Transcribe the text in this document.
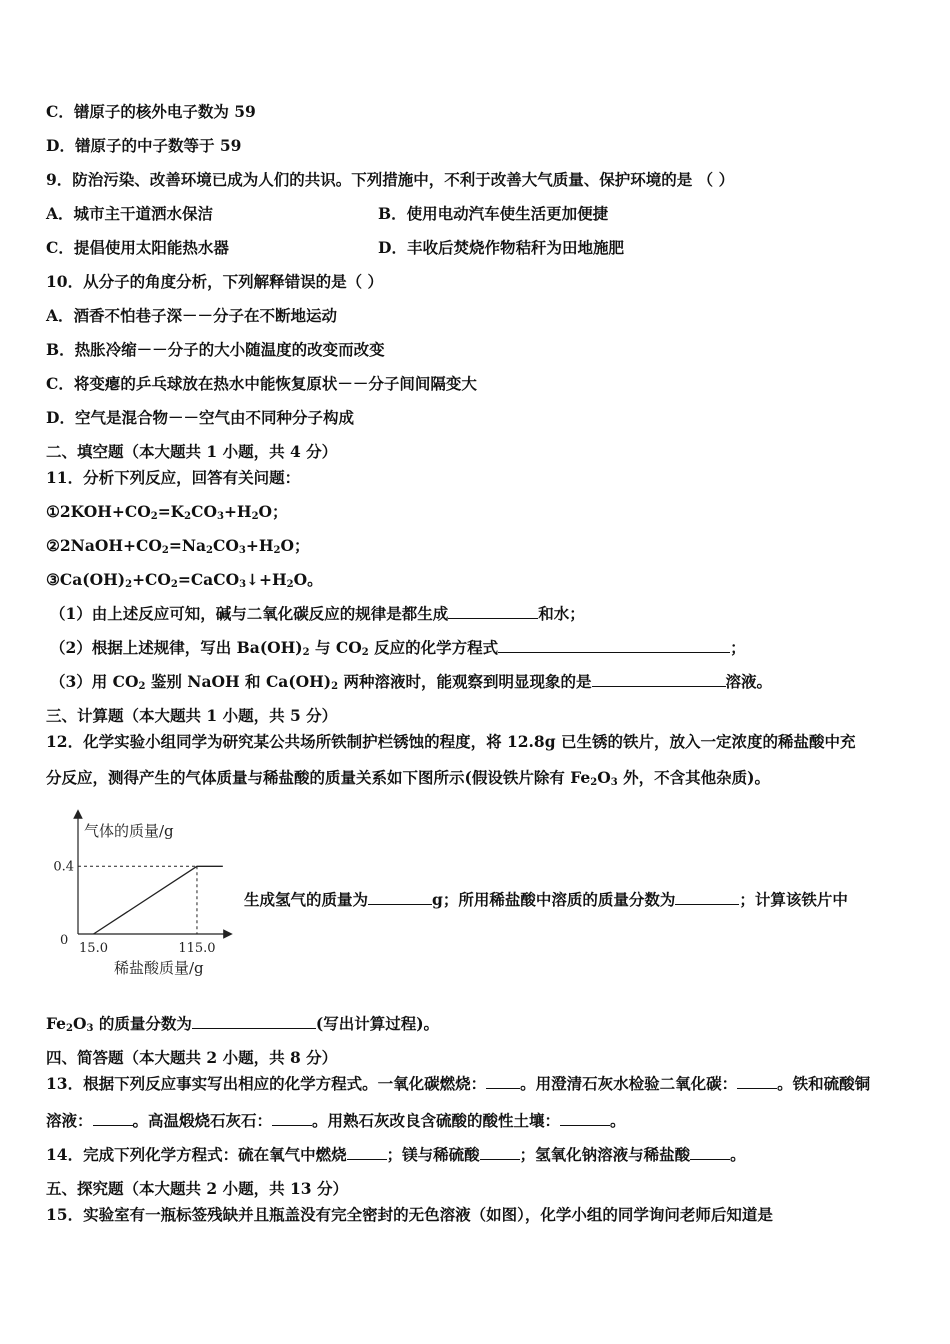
C．镨原子的核外电子数为 59
D．镨原子的中子数等于 59
9．防治污染、改善环境已成为人们的共识。下列措施中，不利于改善大气质量、保护环境的是 （ ）
A．城市主干道洒水保洁	B．使用电动汽车使生活更加便捷
C．提倡使用太阳能热水器	D．丰收后焚烧作物秸秆为田地施肥
10．从分子的角度分析，下列解释错误的是（ ）
A．酒香不怕巷子深－－分子在不断地运动
B．热胀冷缩－－分子的大小随温度的改变而改变
C．将变瘪的乒乓球放在热水中能恢复原状－－分子间间隔变大
D．空气是混合物－－空气由不同种分子构成
二、填空题（本大题共 1 小题，共 4 分）
11．分析下列反应，回答有关问题：
$①2KOH+CO_2=K_2CO_3+H_2O$；
$②2NaOH+CO_2=Na_2CO_3+H_2O$；
$③Ca(OH)_2+CO_2=CaCO_3↓+H_2O$。
（1）由上述反应可知，碱与二氧化碳反应的规律是都生成	和水；
（2）根据上述规律，写出 $Ba(OH)_2$ 与 $CO_2$ 反应的化学方程式	；
（3）用 $CO_2$ 鉴别 NaOH 和 $Ca(OH)_2$ 两种溶液时，能观察到明显现象的是	溶液。
三、计算题（本大题共 1 小题，共 5 分）
12．化学实验小组同学为研究某公共场所铁制护栏锈蚀的程度，将 12.8g 已生锈的铁片，放入一定浓度的稀盐酸中充
分反应，测得产生的气体质量与稀盐酸的质量关系如下图所示(假设铁片除有 $Fe_2O_3$ 外，不含其他杂质)。
气体的质量/g
稀盐酸质量/g
0
15.0	115.0
0.4
生成氢气的质量为	g；所用稀盐酸中溶质的质量分数为	；计算该铁片中
$Fe_2O_3$ 的质量分数为	(写出计算过程)。
四、简答题（本大题共 2 小题，共 8 分）
13．根据下列反应事实写出相应的化学方程式。一氧化碳燃烧： 。用澄清石灰水检验二氧化碳：	。铁和硫酸铜
溶液：	。高温煅烧石灰石：	。用熟石灰改良含硫酸的酸性土壤：	。
14．完成下列化学方程式：硫在氧气中燃烧	；镁与稀硫酸	；氢氧化钠溶液与稀盐酸	。
五、探究题（本大题共 2 小题，共 13 分）
15．实验室有一瓶标签残缺并且瓶盖没有完全密封的无色溶液（如图），化学小组的同学询问老师后知道是
